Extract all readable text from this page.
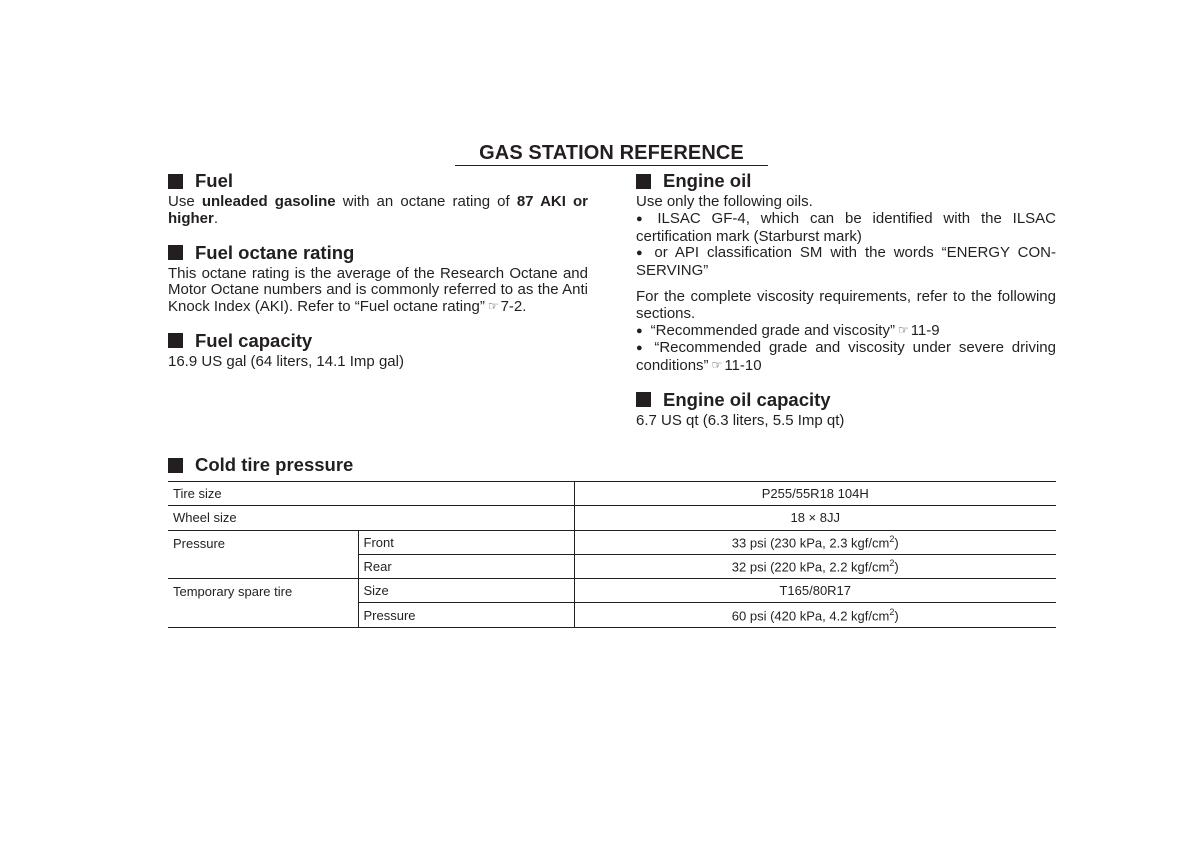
GAS STATION REFERENCE
Fuel

Use unleaded gasoline with an octane rating of 87 AKI or higher.

Fuel octane rating

This octane rating is the average of the Research Octane and Motor Octane numbers and is commonly referred to as the Anti Knock Index (AKI). Refer to “Fuel octane rating” ☞ 7-2.

Fuel capacity

16.9 US gal (64 liters, 14.1 Imp gal)

Engine oil

Use only the following oils.

● ILSAC GF-4, which can be identified with the ILSAC certification mark (Starburst mark)

● or API classification SM with the words “ENERGY CON-SERVING”

For the complete viscosity requirements, refer to the following sections.

● “Recommended grade and viscosity” ☞ 11-9

● “Recommended grade and viscosity under severe driving conditions” ☞ 11-10

Engine oil capacity

6.7 US qt (6.3 liters, 5.5 Imp qt)

Cold tire pressure
Tire size		P255/55R18 104H
Wheel size		18 × 8JJ
Pressure	Front	33 psi (230 kPa, 2.3 kgf/$cm^2$)
	Rear	32 psi (220 kPa, 2.2 kgf/$cm^2$)
Temporary spare tire	Size	T165/80R17
	Pressure	60 psi (420 kPa, 4.2 kgf/$cm^2$)
